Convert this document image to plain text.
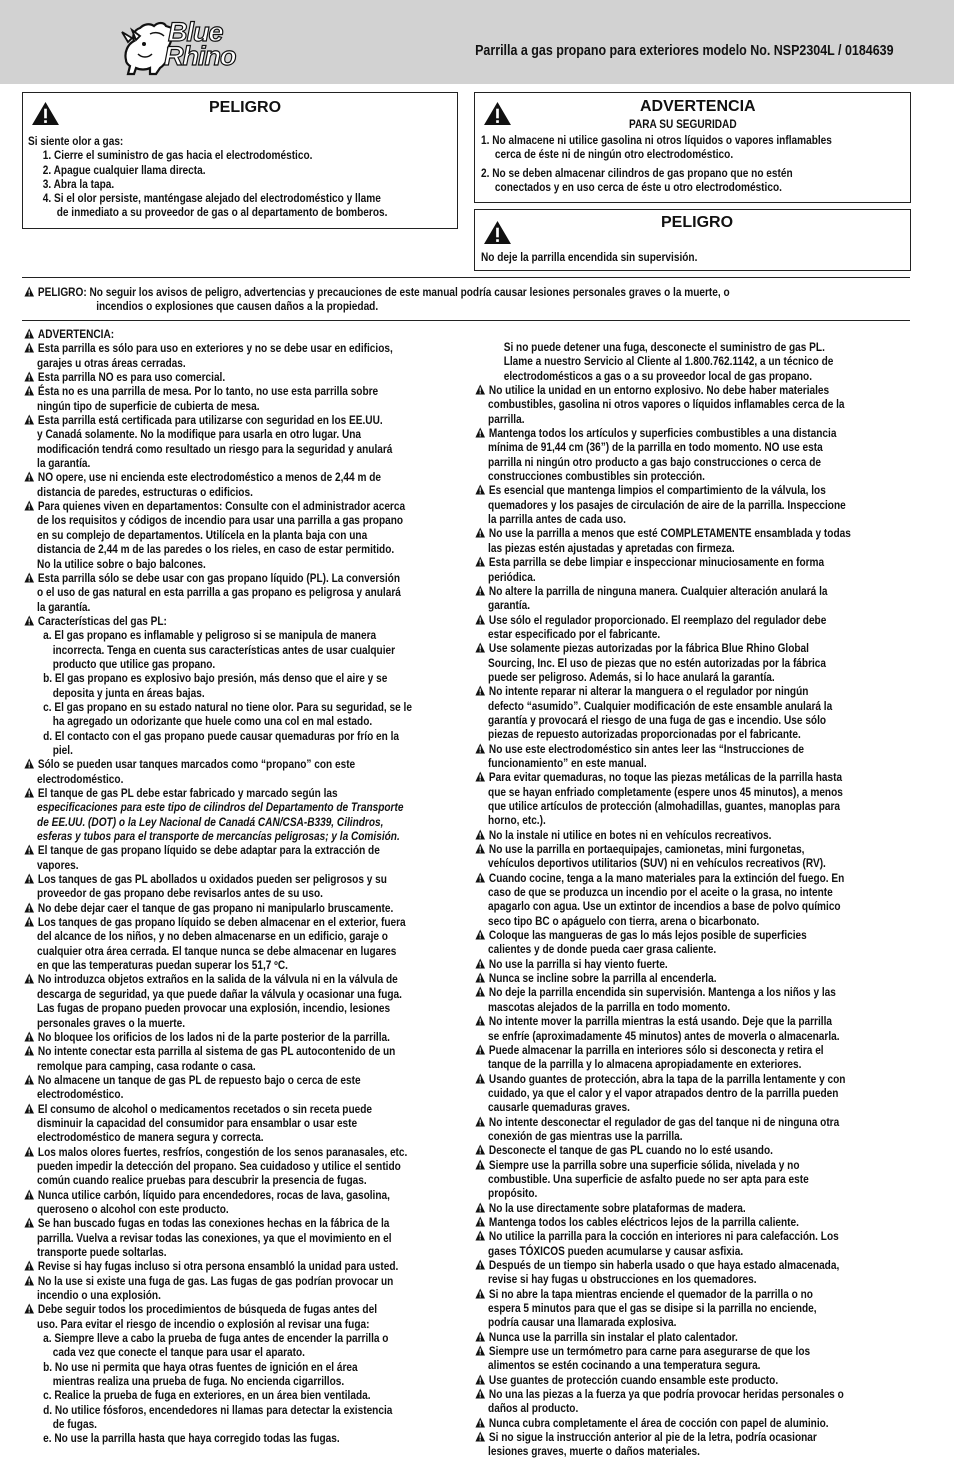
Blue
Rhino	Parrilla a gas propano para exteriores modelo No. NSP2304L / 0184639
PELIGRO
Si siente olor a gas:
1. Cierre el suministro de gas hacia el electrodoméstico.
2. Apague cualquier llama directa.
3. Abra la tapa.
4. Si el olor persiste, manténgase alejado del electrodoméstico y llame
de inmediato a su proveedor de gas o al departamento de bomberos.
ADVERTENCIA
PARA SU SEGURIDAD
1. No almacene ni utilice gasolina ni otros líquidos o vapores inflamables
cerca de éste ni de ningún otro electrodoméstico.
2. No se deben almacenar cilindros de gas propano que no estén
conectados y en uso cerca de éste u otro electrodoméstico.
PELIGRO
No deje la parrilla encendida sin supervisión.
PELIGRO: No seguir los avisos de peligro, advertencias y precauciones de este manual podría causar lesiones personales graves o la muerte, o
incendios o explosiones que causen daños a la propiedad.
ADVERTENCIA:
Esta parrilla es sólo para uso en exteriores y no se debe usar en edificios,
garajes u otras áreas cerradas.
Esta parrilla NO es para uso comercial.
Ésta no es una parrilla de mesa. Por lo tanto, no use esta parrilla sobre
ningún tipo de superficie de cubierta de mesa.
Esta parrilla está certificada para utilizarse con seguridad en los EE.UU.
y Canadá solamente. No la modifique para usarla en otro lugar. Una
modificación tendrá como resultado un riesgo para la seguridad y anulará
la garantía.
NO opere, use ni encienda este electrodoméstico a menos de 2,44 m de
distancia de paredes, estructuras o edificios.
Para quienes viven en departamentos: Consulte con el administrador acerca
de los requisitos y códigos de incendio para usar una parrilla a gas propano
en su complejo de departamentos. Utilícela en la planta baja con una
distancia de 2,44 m de las paredes o los rieles, en caso de estar permitido.
No la utilice sobre o bajo balcones.
Esta parrilla sólo se debe usar con gas propano líquido (PL). La conversión
o el uso de gas natural en esta parrilla a gas propano es peligrosa y anulará
la garantía.
Características del gas PL:
a. El gas propano es inflamable y peligroso si se manipula de manera
incorrecta. Tenga en cuenta sus características antes de usar cualquier
producto que utilice gas propano.
b. El gas propano es explosivo bajo presión, más denso que el aire y se
deposita y junta en áreas bajas.
c. El gas propano en su estado natural no tiene olor. Para su seguridad, se le
ha agregado un odorizante que huele como una col en mal estado.
d. El contacto con el gas propano puede causar quemaduras por frío en la
piel.
Sólo se pueden usar tanques marcados como “propano” con este
electrodoméstico.
El tanque de gas PL debe estar fabricado y marcado según las
especificaciones para este tipo de cilindros del Departamento de Transporte
de EE.UU. (DOT) o la Ley Nacional de Canadá CAN/CSA-B339, Cilindros,
esferas y tubos para el transporte de mercancías peligrosas; y la Comisión.
El tanque de gas propano líquido se debe adaptar para la extracción de
vapores.
Los tanques de gas PL abollados u oxidados pueden ser peligrosos y su
proveedor de gas propano debe revisarlos antes de su uso.
No debe dejar caer el tanque de gas propano ni manipularlo bruscamente.
Los tanques de gas propano líquido se deben almacenar en el exterior, fuera
del alcance de los niños, y no deben almacenarse en un edificio, garaje o
cualquier otra área cerrada. El tanque nunca se debe almacenar en lugares
en que las temperaturas puedan superar los 51,7 ºC.
No introduzca objetos extraños en la salida de la válvula ni en la válvula de
descarga de seguridad, ya que puede dañar la válvula y ocasionar una fuga.
Las fugas de propano pueden provocar una explosión, incendio, lesiones
personales graves o la muerte.
No bloquee los orificios de los lados ni de la parte posterior de la parrilla.
No intente conectar esta parrilla al sistema de gas PL autocontenido de un
remolque para camping, casa rodante o casa.
No almacene un tanque de gas PL de repuesto bajo o cerca de este
electrodoméstico.
El consumo de alcohol o medicamentos recetados o sin receta puede
disminuir la capacidad del consumidor para ensamblar o usar este
electrodoméstico de manera segura y correcta.
Los malos olores fuertes, resfríos, congestión de los senos paranasales, etc.
pueden impedir la detección del propano. Sea cuidadoso y utilice el sentido
común cuando realice pruebas para descubrir la presencia de fugas.
Nunca utilice carbón, líquido para encendedores, rocas de lava, gasolina,
queroseno o alcohol con este producto.
Se han buscado fugas en todas las conexiones hechas en la fábrica de la
parrilla. Vuelva a revisar todas las conexiones, ya que el movimiento en el
transporte puede soltarlas.
Revise si hay fugas incluso si otra persona ensambló la unidad para usted.
No la use si existe una fuga de gas. Las fugas de gas podrían provocar un
incendio o una explosión.
Debe seguir todos los procedimientos de búsqueda de fugas antes del
uso. Para evitar el riesgo de incendio o explosión al revisar una fuga:
a. Siempre lleve a cabo la prueba de fuga antes de encender la parrilla o
cada vez que conecte el tanque para usar el aparato.
b. No use ni permita que haya otras fuentes de ignición en el área
mientras realiza una prueba de fuga. No encienda cigarrillos.
c. Realice la prueba de fuga en exteriores, en un área bien ventilada.
d. No utilice fósforos, encendedores ni llamas para detectar la existencia
de fugas.
e. No use la parrilla hasta que haya corregido todas las fugas.
Si no puede detener una fuga, desconecte el suministro de gas PL.
Llame a nuestro Servicio al Cliente al 1.800.762.1142, a un técnico de
electrodomésticos a gas o a su proveedor local de gas propano.
No utilice la unidad en un entorno explosivo. No debe haber materiales
combustibles, gasolina ni otros vapores o líquidos inflamables cerca de la
parrilla.
Mantenga todos los artículos y superficies combustibles a una distancia
mínima de 91,44 cm (36”) de la parrilla en todo momento. NO use esta
parrilla ni ningún otro producto a gas bajo construcciones o cerca de
construcciones combustibles sin protección.
Es esencial que mantenga limpios el compartimiento de la válvula, los
quemadores y los pasajes de circulación de aire de la parrilla. Inspeccione
la parrilla antes de cada uso.
No use la parrilla a menos que esté COMPLETAMENTE ensamblada y todas
las piezas estén ajustadas y apretadas con firmeza.
Esta parrilla se debe limpiar e inspeccionar minuciosamente en forma
periódica.
No altere la parrilla de ninguna manera. Cualquier alteración anulará la
garantía.
Use sólo el regulador proporcionado. El reemplazo del regulador debe
estar especificado por el fabricante.
Use solamente piezas autorizadas por la fábrica Blue Rhino Global
Sourcing, Inc. El uso de piezas que no estén autorizadas por la fábrica
puede ser peligroso. Además, si lo hace anulará la garantía.
No intente reparar ni alterar la manguera o el regulador por ningún
defecto “asumido”. Cualquier modificación de este ensamble anulará la
garantía y provocará el riesgo de una fuga de gas e incendio. Use sólo
piezas de repuesto autorizadas proporcionadas por el fabricante.
No use este electrodoméstico sin antes leer las “Instrucciones de
funcionamiento” en este manual.
Para evitar quemaduras, no toque las piezas metálicas de la parrilla hasta
que se hayan enfriado completamente (espere unos 45 minutos), a menos
que utilice artículos de protección (almohadillas, guantes, manoplas para
horno, etc.).
No la instale ni utilice en botes ni en vehículos recreativos.
No use la parrilla en portaequipajes, camionetas, mini furgonetas,
vehículos deportivos utilitarios (SUV) ni en vehículos recreativos (RV).
Cuando cocine, tenga a la mano materiales para la extinción del fuego. En
caso de que se produzca un incendio por el aceite o la grasa, no intente
apagarlo con agua. Use un extintor de incendios a base de polvo químico
seco tipo BC o apáguelo con tierra, arena o bicarbonato.
Coloque las mangueras de gas lo más lejos posible de superficies
calientes y de donde pueda caer grasa caliente.
No use la parrilla si hay viento fuerte.
Nunca se incline sobre la parrilla al encenderla.
No deje la parrilla encendida sin supervisión. Mantenga a los niños y las
mascotas alejados de la parrilla en todo momento.
No intente mover la parrilla mientras la está usando. Deje que la parrilla
se enfríe (aproximadamente 45 minutos) antes de moverla o almacenarla.
Puede almacenar la parrilla en interiores sólo si desconecta y retira el
tanque de la parrilla y lo almacena apropiadamente en exteriores.
Usando guantes de protección, abra la tapa de la parrilla lentamente y con
cuidado, ya que el calor y el vapor atrapados dentro de la parrilla pueden
causarle quemaduras graves.
No intente desconectar el regulador de gas del tanque ni de ninguna otra
conexión de gas mientras use la parrilla.
Desconecte el tanque de gas PL cuando no lo esté usando.
Siempre use la parrilla sobre una superficie sólida, nivelada y no
combustible. Una superficie de asfalto puede no ser apta para este
propósito.
No la use directamente sobre plataformas de madera.
Mantenga todos los cables eléctricos lejos de la parrilla caliente.
No utilice la parrilla para la cocción en interiores ni para calefacción. Los
gases TÓXICOS pueden acumularse y causar asfixia.
Después de un tiempo sin haberla usado o que haya estado almacenada,
revise si hay fugas u obstrucciones en los quemadores.
Si no abre la tapa mientras enciende el quemador de la parrilla o no
espera 5 minutos para que el gas se disipe si la parrilla no enciende,
podría causar una llamarada explosiva.
Nunca use la parrilla sin instalar el plato calentador.
Siempre use un termómetro para carne para asegurarse de que los
alimentos se estén cocinando a una temperatura segura.
Use guantes de protección cuando ensamble este producto.
No una las piezas a la fuerza ya que podría provocar heridas personales o
daños al producto.
Nunca cubra completamente el área de cocción con papel de aluminio.
Si no sigue la instrucción anterior al pie de la letra, podría ocasionar
lesiones graves, muerte o daños materiales.
